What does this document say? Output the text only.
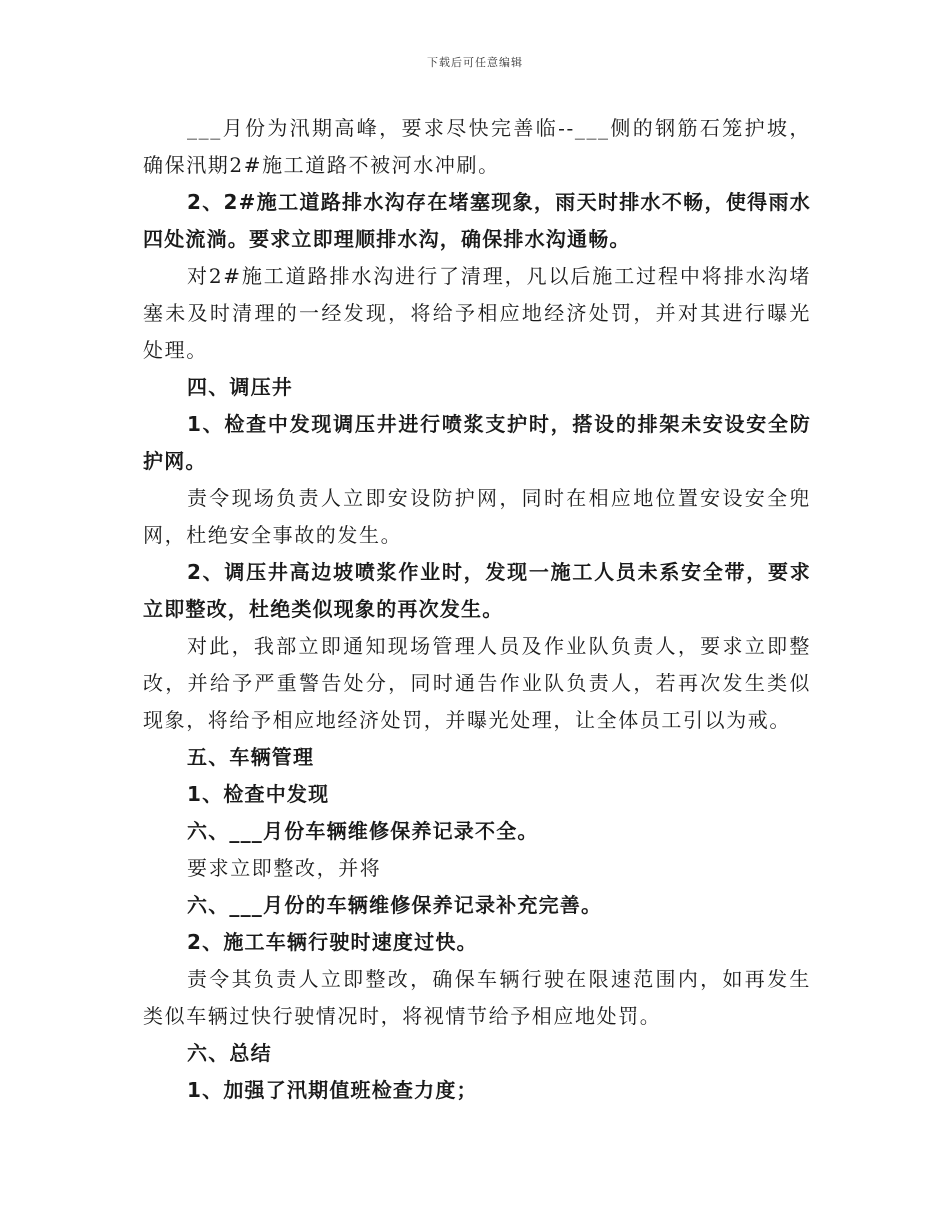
下载后可任意编辑

___月份为汛期高峰，要求尽快完善临--___侧的钢筋石笼护坡，确保汛期2#施工道路不被河水冲刷。

2、2#施工道路排水沟存在堵塞现象，雨天时排水不畅，使得雨水四处流淌。要求立即理顺排水沟，确保排水沟通畅。

对2#施工道路排水沟进行了清理，凡以后施工过程中将排水沟堵塞未及时清理的一经发现，将给予相应地经济处罚，并对其进行曝光处理。

四、调压井

1、检查中发现调压井进行喷浆支护时，搭设的排架未安设安全防护网。

责令现场负责人立即安设防护网，同时在相应地位置安设安全兜网，杜绝安全事故的发生。

2、调压井高边坡喷浆作业时，发现一施工人员未系安全带，要求立即整改，杜绝类似现象的再次发生。

对此，我部立即通知现场管理人员及作业队负责人，要求立即整改，并给予严重警告处分，同时通告作业队负责人，若再次发生类似现象，将给予相应地经济处罚，并曝光处理，让全体员工引以为戒。

五、车辆管理

1、检查中发现

六、___月份车辆维修保养记录不全。

要求立即整改，并将

六、___月份的车辆维修保养记录补充完善。

2、施工车辆行驶时速度过快。

责令其负责人立即整改，确保车辆行驶在限速范围内，如再发生类似车辆过快行驶情况时，将视情节给予相应地处罚。

六、总结

1、加强了汛期值班检查力度；
